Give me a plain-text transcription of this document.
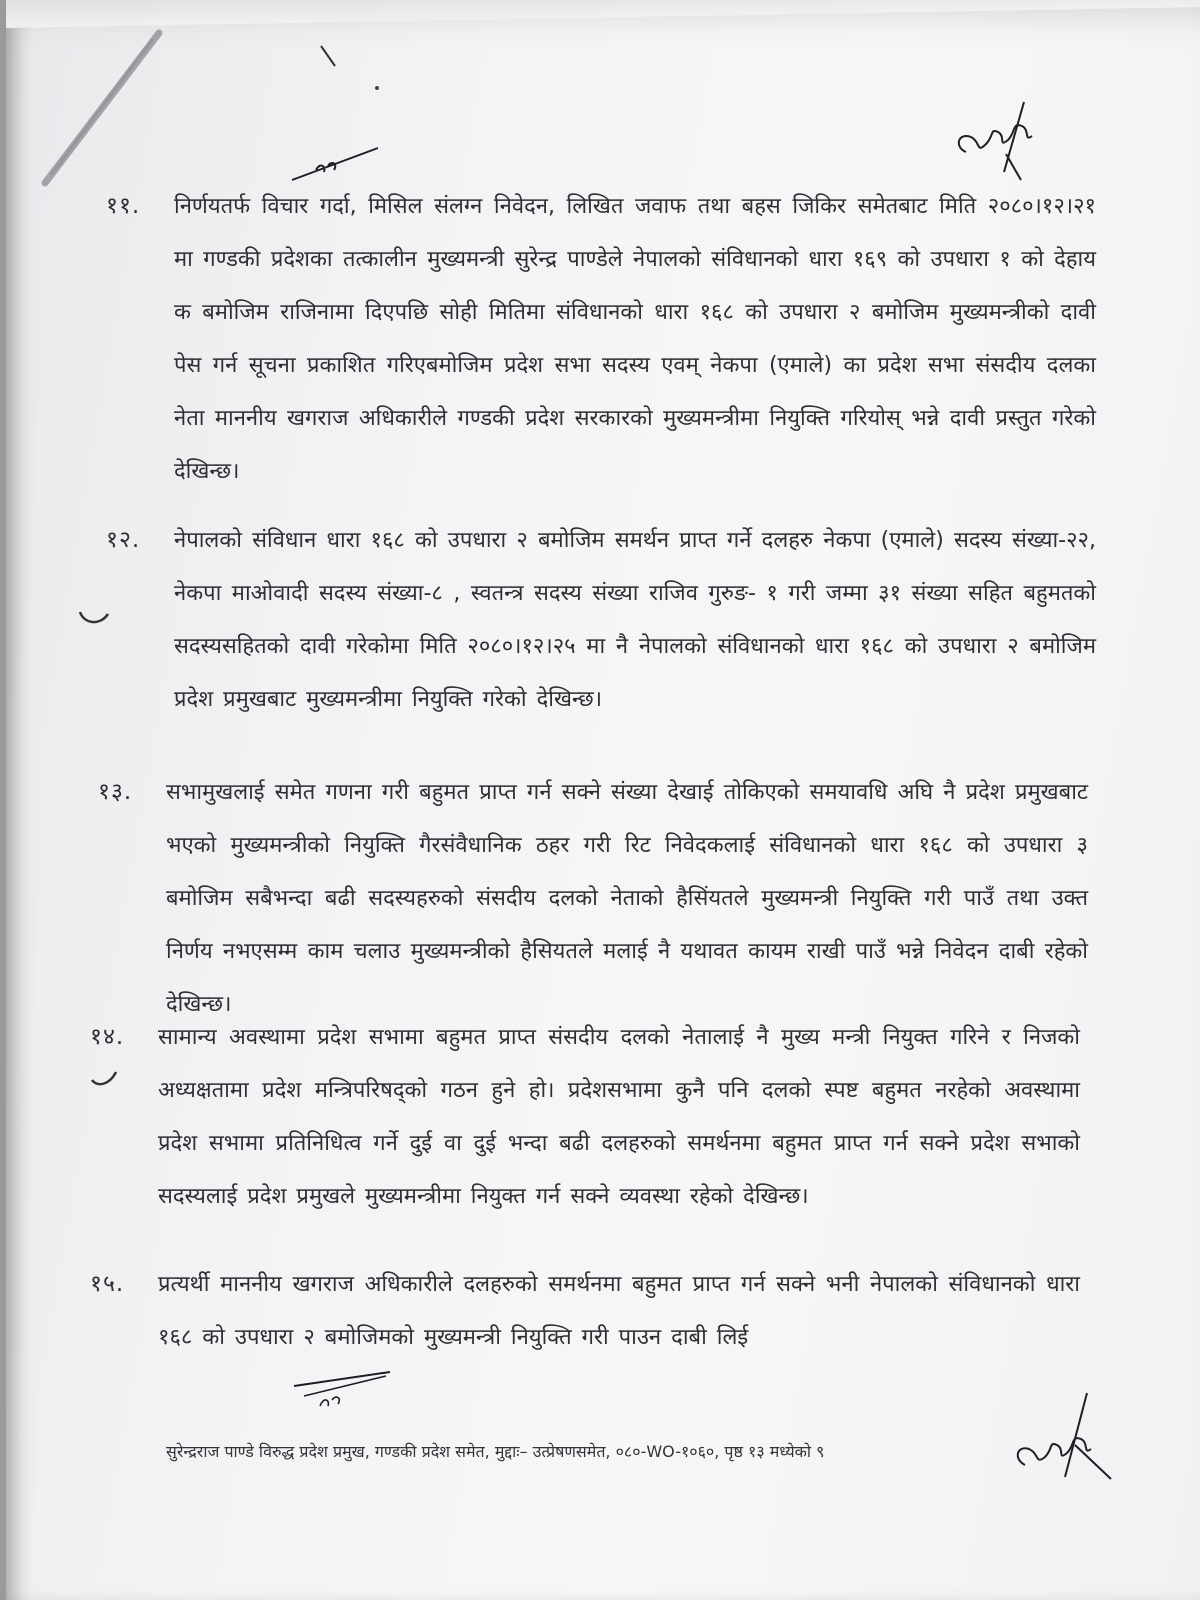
११.	निर्णयतर्फ विचार गर्दा, मिसिल संलग्न निवेदन, लिखित जवाफ तथा बहस जिकिर समेतबाट मिति २०८०।१२।२१ मा गण्डकी प्रदेशका तत्कालीन मुख्यमन्त्री सुरेन्द्र पाण्डेले नेपालको संविधानको धारा १६९ को उपधारा १ को देहाय क बमोजिम राजिनामा दिएपछि सोही मितिमा संविधानको धारा १६८ को उपधारा २ बमोजिम मुख्यमन्त्रीको दावी पेस गर्न सूचना प्रकाशित गरिएबमोजिम प्रदेश सभा सदस्य एवम् नेकपा (एमाले) का प्रदेश सभा संसदीय दलका नेता माननीय खगराज अधिकारीले गण्डकी प्रदेश सरकारको मुख्यमन्त्रीमा नियुक्ति गरियोस् भन्ने दावी प्रस्तुत गरेको देखिन्छ।
१२.	नेपालको संविधान धारा १६८ को उपधारा २ बमोजिम समर्थन प्राप्त गर्ने दलहरु नेकपा (एमाले) सदस्य संख्या-२२, नेकपा माओवादी सदस्य संख्या-८ , स्वतन्त्र सदस्य संख्या राजिव गुरुङ- १ गरी जम्मा ३१ संख्या सहित बहुमतको सदस्यसहितको दावी गरेकोमा मिति २०८०।१२।२५ मा नै नेपालको संविधानको धारा १६८ को उपधारा २ बमोजिम प्रदेश प्रमुखबाट मुख्यमन्त्रीमा नियुक्ति गरेको देखिन्छ।
१३.	सभामुखलाई समेत गणना गरी बहुमत प्राप्त गर्न सक्ने संख्या देखाई तोकिएको समयावधि अघि नै प्रदेश प्रमुखबाट भएको मुख्यमन्त्रीको नियुक्ति गैरसंवैधानिक ठहर गरी रिट निवेदकलाई संविधानको धारा १६८ को उपधारा ३ बमोजिम सबैभन्दा बढी सदस्यहरुको संसदीय दलको नेताको हैसिंयतले मुख्यमन्त्री नियुक्ति गरी पाउँ तथा उक्त निर्णय नभएसम्म काम चलाउ मुख्यमन्त्रीको हैसियतले मलाई नै यथावत कायम राखी पाउँ भन्ने निवेदन दाबी रहेको देखिन्छ।
१४.	सामान्य अवस्थामा प्रदेश सभामा बहुमत प्राप्त संसदीय दलको नेतालाई नै मुख्य मन्त्री नियुक्त गरिने र निजको अध्यक्षतामा प्रदेश मन्त्रिपरिषद्को गठन हुने हो। प्रदेशसभामा कुनै पनि दलको स्पष्ट बहुमत नरहेको अवस्थामा प्रदेश सभामा प्रतिनिधित्व गर्ने दुई वा दुई भन्दा बढी दलहरुको समर्थनमा बहुमत प्राप्त गर्न सक्ने प्रदेश सभाको सदस्यलाई प्रदेश प्रमुखले मुख्यमन्त्रीमा नियुक्त गर्न सक्ने व्यवस्था रहेको देखिन्छ।
१५.	प्रत्यर्थी माननीय खगराज अधिकारीले दलहरुको समर्थनमा बहुमत प्राप्त गर्न सक्ने भनी नेपालको संविधानको धारा १६८ को उपधारा २ बमोजिमको मुख्यमन्त्री नियुक्ति गरी पाउन दाबी लिई
सुरेन्द्रराज पाण्डे विरुद्ध प्रदेश प्रमुख, गण्डकी प्रदेश समेत, मुद्दाः– उत्प्रेषणसमेत, ०८०-WO-१०६०, पृष्ठ १३ मध्येको ९
